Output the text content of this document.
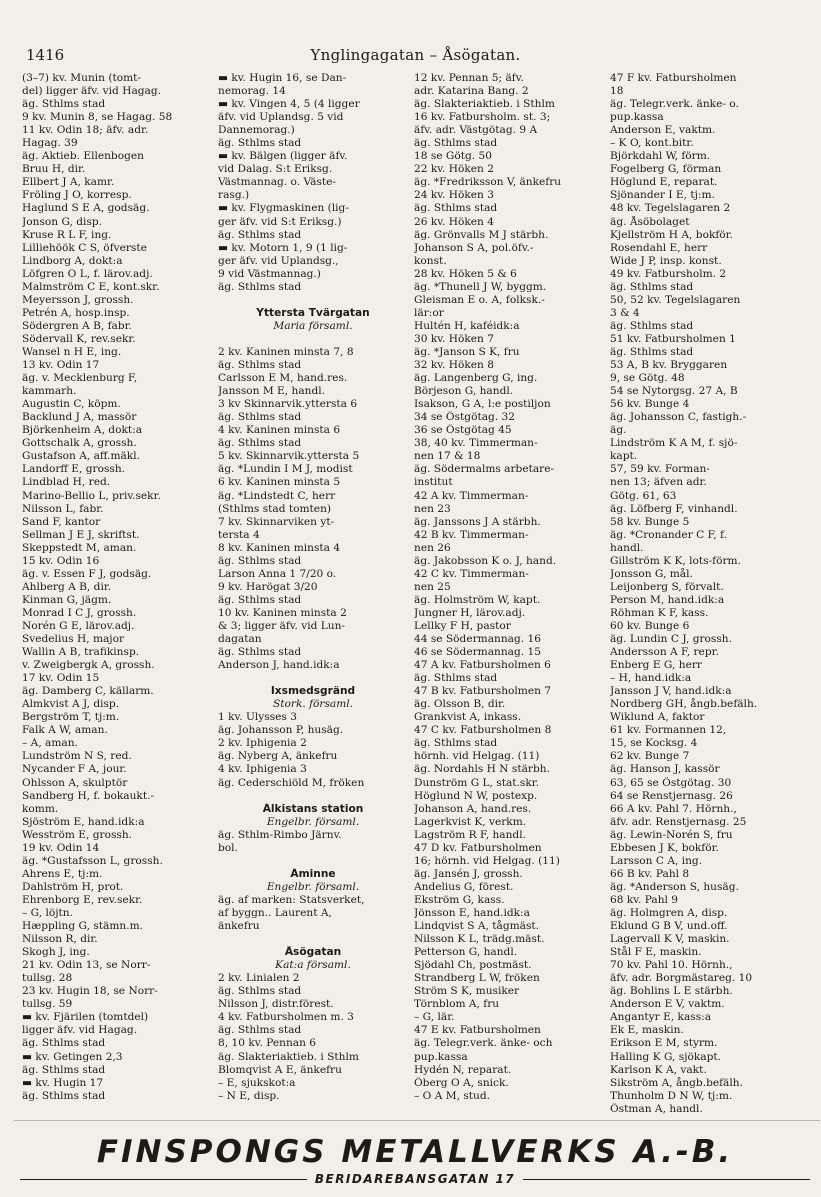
1416	Ynglingagatan – Åsögatan.
(3–7) kv. Munin (tomt-
del) ligger äfv. vid Hagag.
äg. Sthlms stad
9 kv. Munin 8, se Hagag. 58
11 kv. Odin 18; äfv. adr.
Hagag. 39
äg. Aktieb. Ellenbogen
Bruu H, dir.
Ellbert J A, kamr.
Fröling J O, korresp.
Haglund S E A, godsäg.
Jonson G, disp.
Kruse R L F, ing.
Lilliehöök C S, öfverste
Lindborg A, dokt:a
Löfgren O L, f. lärov.adj.
Malmström C E, kont.skr.
Meyersson J, grossh.
Petrén A, hosp.insp.
Södergren A B, fabr.
Södervall K, rev.sekr.
Wansel n H E, ing.
13 kv. Odin 17
äg. v. Mecklenburg F,
kammarh.
Augustin C, köpm.
Backlund J A, massör
Björkenheim A, dokt:a
Gottschalk A, grossh.
Gustafson A, aff.mäkl.
Landorff E, grossh.
Lindblad H, red.
Marino-Bellio L, priv.sekr.
Nilsson L, fabr.
Sand F, kantor
Sellman J E J, skriftst.
Skeppstedt M, aman.
15 kv. Odin 16
äg. v. Essen F J, godsäg.
Ahlberg A B, dir.
Kinman G, jägm.
Monrad I C J, grossh.
Norén G E, lärov.adj.
Svedelius H, major
Wallin A B, trafikinsp.
v. Zweigbergk A, grossh.
17 kv. Odin 15
äg. Damberg C, källarm.
Almkvist A J, disp.
Bergström T, tj:m.
Falk A W, aman.
– A, aman.
Lundström N S, red.
Nycander F A, jour.
Ohlsson A, skulptör
Sandberg H, f. bokaukt.-
komm.
Sjöström E, hand.idk:a
Wesström E, grossh.
19 kv. Odin 14
äg. *Gustafsson L, grossh.
Ahrens E, tj:m.
Dahlström H, prot.
Ehrenborg E, rev.sekr.
– G, löjtn.
Hæppling G, stämn.m.
Nilsson R, dir.
Skogh J, ing.
21 kv. Odin 13, se Norr-
tullsg. 28
23 kv. Hugin 18, se Norr-
tullsg. 59
▬ kv. Fjärilen (tomtdel)
ligger äfv. vid Hagag.
äg. Sthlms stad
▬ kv. Getingen 2,3
äg. Sthlms stad
▬ kv. Hugin 17
äg. Sthlms stad
▬ kv. Hugin 16, se Dan-
nemorag. 14
▬ kv. Vingen 4, 5 (4 ligger
äfv. vid Uplandsg. 5 vid
Dannemorag.)
äg. Sthlms stad
▬ kv. Bälgen (ligger äfv.
vid Dalag. S:t Eriksg.
Västmannag. o. Väste-
rasg.)
▬ kv. Flygmaskinen (lig-
ger äfv. vid S:t Eriksg.)
äg. Sthlms stad
▬ kv. Motorn 1, 9 (1 lig-
ger äfv. vid Uplandsg.,
9 vid Västmannag.)
äg. Sthlms stad

Yttersta Tvärgatan
Maria församl.

2 kv. Kaninen minsta 7, 8
äg. Sthlms stad
Carlsson E M, hand.res.
Jansson M E, handl.
3 kv Skinnarvik.ytterstа 6
äg. Sthlms stad
4 kv. Kaninen minsta 6
äg. Sthlms stad
5 kv. Skinnarvik.ytterstа 5
äg. *Lundin I M J, modist
6 kv. Kaninen minsta 5
äg. *Lindstedt C, herr
(Sthlms stad tomten)
7 kv. Skinnarviken yt-
tersta 4
8 kv. Kaninen minsta 4
äg. Sthlms stad
Larson Anna 1 7/20 o.
9 kv. Harögat 3/20
äg. Sthlms stad
10 kv. Kaninen minsta 2
& 3; ligger äfv. vid Lun-
dagatan
äg. Sthlms stad
Anderson J, hand.idk:a

Ixsmedsgränd
Stork. församl.
1 kv. Ulysses 3
äg. Johansson P, husäg.
2 kv. Iphigenia 2
äg. Nyberg A, änkefru
4 kv. Iphigenia 3
äg. Cederschiöld M, fröken

Älkistans station
Engelbr. församl.
äg. Sthlm-Rimbo Järnv.
bol.

Äminne
Engelbr. församl.
äg. af marken: Statsverket,
af byggn.. Laurent A,
änkefru

Åsögatan
Kat:a församl.
2 kv. Linialen 2
äg. Sthlms stad
Nilsson J, distr.förest.
4 kv. Fatbursholmen m. 3
äg. Sthlms stad
8, 10 kv. Pennan 6
äg. Slakteriaktieb. i Sthlm
Blomqvist A E, änkefru
– E, sjukskot:a
– N E, disp.
12 kv. Pennan 5; äfv.
adr. Katarina Bang. 2
äg. Slakteriaktieb. i Sthlm
16 kv. Fatbursholm. st. 3;
äfv. adr. Västgötag. 9 A
äg. Sthlms stad
18 se Götg. 50
22 kv. Höken 2
äg. *Fredriksson V, änkefru
24 kv. Höken 3
äg. Sthlms stad
26 kv. Höken 4
äg. Grönvalls M J stärbh.
Johanson S A, pol.öfv.-
konst.
28 kv. Höken 5 & 6
äg. *Thunell J W, byggm.
Gleisman E o. A, folksk.-
lär:or
Hultén H, kaféidk:a
30 kv. Höken 7
äg. *Janson S K, fru
32 kv. Höken 8
äg. Langenberg G, ing.
Börjeson G, handl.
Isakson, G A, l:e postiljon
34 se Östgötag. 32
36 se Östgötag 45
38, 40 kv. Timmerman-
nen 17 & 18
äg. Södermalms arbetare-
institut
42 A kv. Timmerman-
nen 23
äg. Janssons J A stärbh.
42 B kv. Timmerman-
nen 26
äg. Jakobsson K o. J, hand.
42 C kv. Timmerman-
nen 25
äg. Holmström W, kapt.
Jungner H, lärov.adj.
Lellky F H, pastor
44 se Södermannag. 16
46 se Södermannag. 15
47 A kv. Fatbursholmen 6
äg. Sthlms stad
47 B kv. Fatbursholmen 7
äg. Olsson B, dir.
Grankvist A, inkass.
47 C kv. Fatbursholmen 8
äg. Sthlms stad
hörnh. vid Helgag. (11)
äg. Nordahls H N stärbh.
Dunström G L, stat.skr.
Höglund N W, postexp.
Johanson A, hand.res.
Lagerkvist K, verkm.
Lagström R F, handl.
47 D kv. Fatbursholmen
16; hörnh. vid Helgag. (11)
äg. Jansén J, grossh.
Andelius G, förest.
Ekström G, kass.
Jönsson E, hand.idk:a
Lindqvist S A, tågmäst.
Nilsson K L, trädg.mäst.
Petterson G, handl.
Sjödahl Ch, postmäst.
Strandberg L W, fröken
Ström S K, musiker
Törnblom A, fru
– G, lär.
47 E kv. Fatbursholmen
äg. Telegr.verk. änke- och
pup.kassa
Hydén N, reparat.
Öberg O A, snick.
– O A M, stud.
47 F kv. Fatbursholmen
18
äg. Telegr.verk. änke- o.
pup.kassa
Anderson E, vaktm.
– K O, kont.bitr.
Björkdahl W, förm.
Fogelberg G, förman
Höglund E, reparat.
Sjönander I E, tj:m.
48 kv. Tegelslagaren 2
äg. Åsöbolaget
Kjellström H A, bokför.
Rosendahl E, herr
Wide J P, insp. konst.
49 kv. Fatbursholm. 2
äg. Sthlms stad
50, 52 kv. Tegelslagaren
3 & 4
äg. Sthlms stad
51 kv. Fatbursholmen 1
äg. Sthlms stad
53 A, B kv. Bryggaren
9, se Götg. 48
54 se Nytorgsg. 27 A, B
56 kv. Bunge 4
äg. Johansson C, fastigh.-
äg.
Lindström K A M, f. sjö-
kapt.
57, 59 kv. Forman-
nen 13; äfven adr.
Götg. 61, 63
äg. Löfberg F, vinhandl.
58 kv. Bunge 5
äg. *Cronander C F, f.
handl.
Gillström K K, lots-förm.
Jonsson G, mål.
Leijonberg S, förvalt.
Person M, hand.idk:a
Röhman K F, kass.
60 kv. Bunge 6
äg. Lundin C J, grossh.
Andersson A F, repr.
Enberg E G, herr
– H, hand.idk:a
Jansson J V, hand.idk:a
Nordberg GH, ångb.befälh.
Wiklund A, faktor
61 kv. Formannen 12,
15, se Kocksg. 4
62 kv. Bunge 7
äg. Hanson J, kassör
63, 65 se Östgötag. 30
64 se Renstjernasg. 26
66 A kv. Pahl 7. Hörnh.,
äfv. adr. Renstjernasg. 25
äg. Lewin-Norén S, fru
Ebbesen J K, bokför.
Larsson C A, ing.
66 B kv. Pahl 8
äg. *Anderson S, husäg.
68 kv. Pahl 9
äg. Holmgren A, disp.
Eklund G B V, und.off.
Lagervall K V, maskin.
Stål F E, maskin.
70 kv. Pahl 10. Hörnh.,
äfv. adr. Borgmästareg. 10
äg. Bohlins L E stärbh.
Anderson E V, vaktm.
Angantyr E, kass:a
Ek E, maskin.
Erikson E M, styrm.
Halling K G, sjökapt.
Karlson K A, vakt.
Sikström A, ångb.befälh.
Thunholm D N W, tj:m.
Östman A, handl.
FINSPONGS METALLVERKS A.-B.
BERIDAREBANSGATAN 17
